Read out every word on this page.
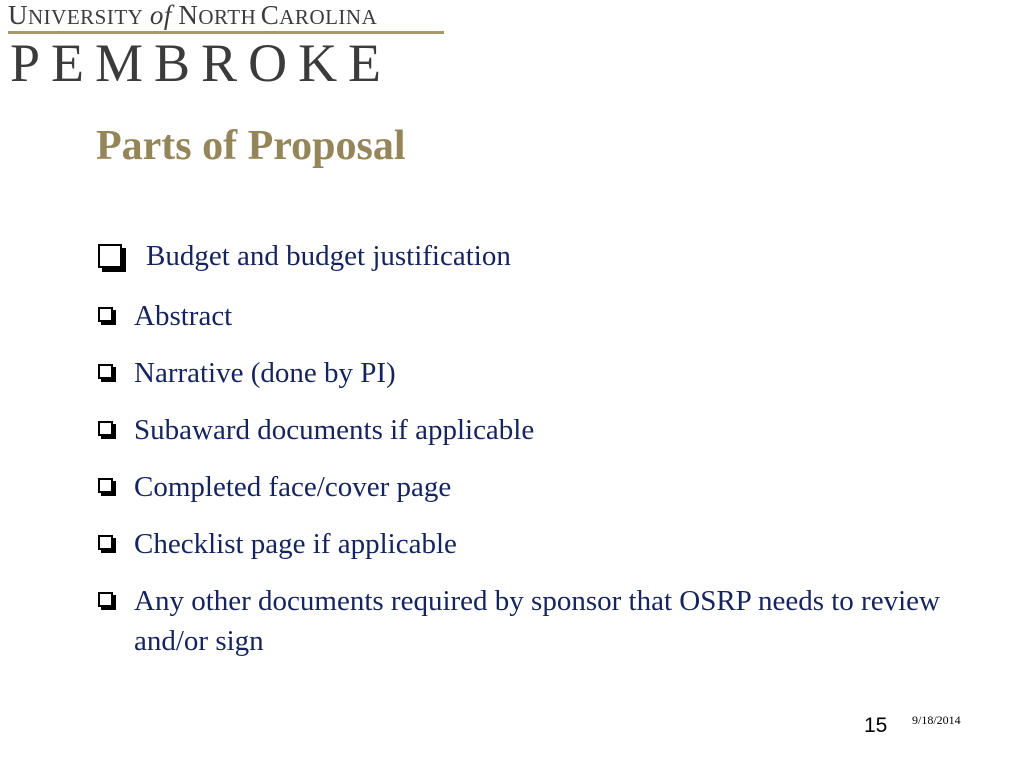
UNIVERSITY of NORTH CAROLINA
PEMBROKE
Parts of Proposal
Budget and budget justification
Abstract
Narrative (done by PI)
Subaward documents if applicable
Completed face/cover page
Checklist page if applicable
Any other documents required by sponsor that OSRP needs to review and/or sign
15 9/18/2014
